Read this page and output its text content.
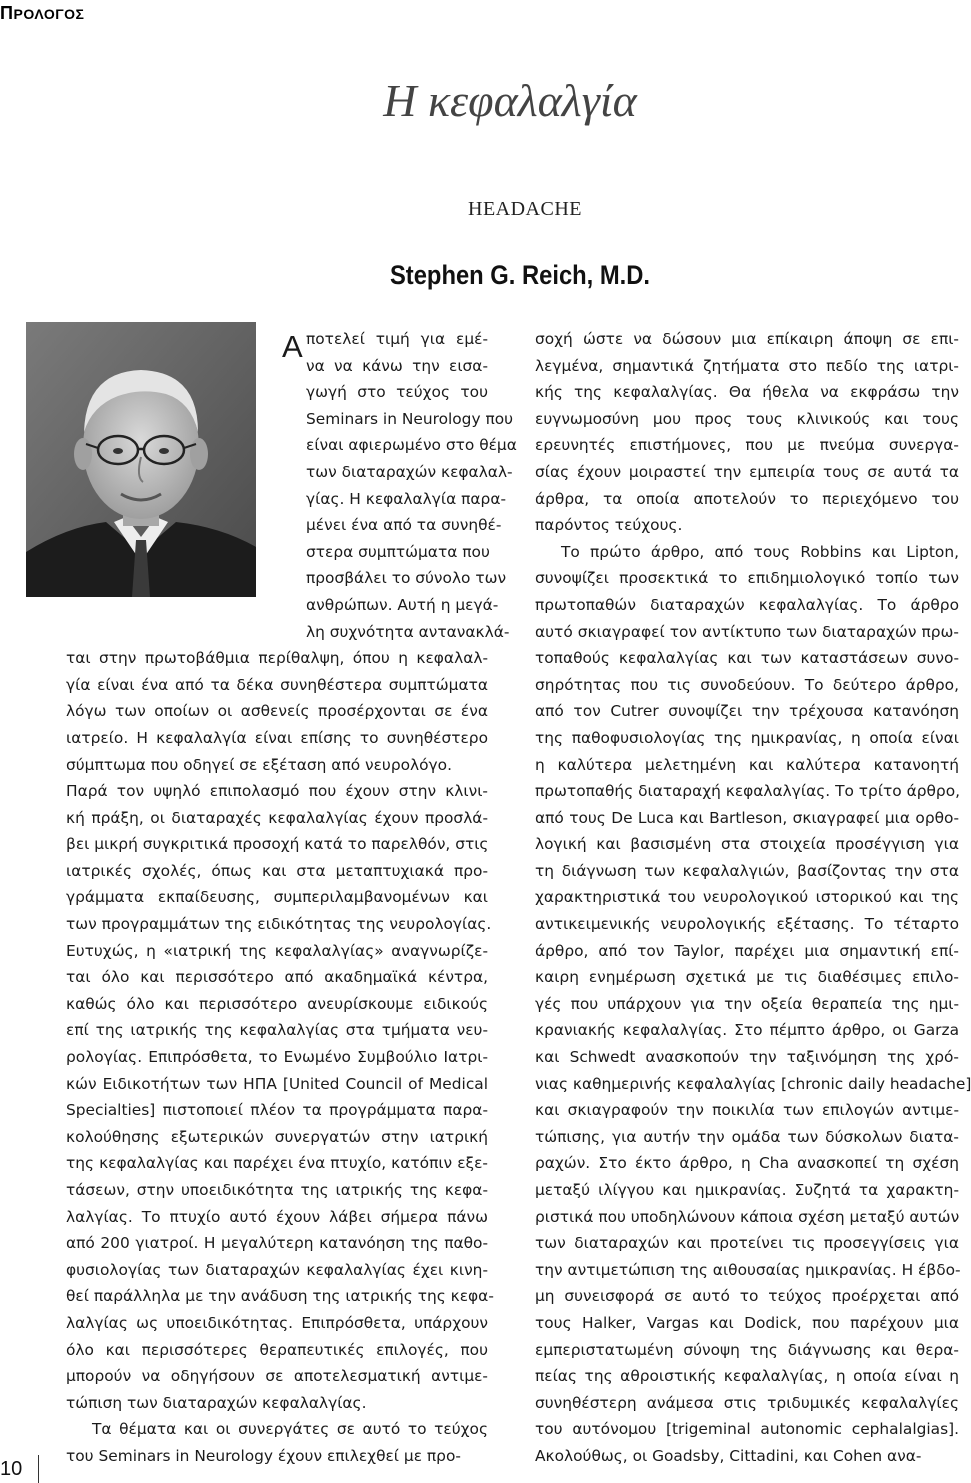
ΠΡΟΛΟΓΟΣ
Η κεφαλαλγία
HEADACHE
Stephen G. Reich, M.D.
Α ποτελεί τιμή για εμέ-
να να κάνω την εισα-
γωγή στο τεύχος του
Seminars in Neurology που
είναι αφιερωμένο στο θέμα
των διαταραχών κεφαλαλ-
γίας. Η κεφαλαλγία παρα-
μένει ένα από τα συνηθέ-
στερα συμπτώματα που
προσβάλει το σύνολο των
ανθρώπων. Αυτή η μεγά-
λη συχνότητα αντανακλά-
ται στην πρωτοβάθμια περίθαλψη, όπου η κεφαλαλ-
γία είναι ένα από τα δέκα συνηθέστερα συμπτώματα
λόγω των οποίων οι ασθενείς προσέρχονται σε ένα
ιατρείο. Η κεφαλαλγία είναι επίσης το συνηθέστερο
σύμπτωμα που οδηγεί σε εξέταση από νευρολόγο.
Παρά τον υψηλό επιπολασμό που έχουν στην κλινι-
κή πράξη, οι διαταραχές κεφαλαλγίας έχουν προσλά-
βει μικρή συγκριτικά προσοχή κατά το παρελθόν, στις
ιατρικές σχολές, όπως και στα μεταπτυχιακά προ-
γράμματα εκπαίδευσης, συμπεριλαμβανομένων και
των προγραμμάτων της ειδικότητας της νευρολογίας.
Ευτυχώς, η «ιατρική της κεφαλαλγίας» αναγνωρίζε-
ται όλο και περισσότερο από ακαδημαϊκά κέντρα,
καθώς όλο και περισσότερο ανευρίσκουμε ειδικούς
επί της ιατρικής της κεφαλαλγίας στα τμήματα νευ-
ρολογίας. Επιπρόσθετα, το Ενωμένο Συμβούλιο Ιατρι-
κών Ειδικοτήτων των ΗΠΑ [United Council of Medical
Specialties] πιστοποιεί πλέον τα προγράμματα παρα-
κολούθησης εξωτερικών συνεργατών στην ιατρική
της κεφαλαλγίας και παρέχει ένα πτυχίο, κατόπιν εξε-
τάσεων, στην υποειδικότητα της ιατρικής της κεφα-
λαλγίας. Το πτυχίο αυτό έχουν λάβει σήμερα πάνω
από 200 γιατροί. Η μεγαλύτερη κατανόηση της παθο-
φυσιολογίας των διαταραχών κεφαλαλγίας έχει κινη-
θεί παράλληλα με την ανάδυση της ιατρικής της κεφα-
λαλγίας ως υποειδικότητας. Επιπρόσθετα, υπάρχουν
όλο και περισσότερες θεραπευτικές επιλογές, που
μπορούν να οδηγήσουν σε αποτελεσματική αντιμε-
τώπιση των διαταραχών κεφαλαλγίας.
Τα θέματα και οι συνεργάτες σε αυτό το τεύχος
του Seminars in Neurology έχουν επιλεχθεί με προ-
σοχή ώστε να δώσουν μια επίκαιρη άποψη σε επι-
λεγμένα, σημαντικά ζητήματα στο πεδίο της ιατρι-
κής της κεφαλαλγίας. Θα ήθελα να εκφράσω την
ευγνωμοσύνη μου προς τους κλινικούς και τους
ερευνητές επιστήμονες, που με πνεύμα συνεργα-
σίας έχουν μοιραστεί την εμπειρία τους σε αυτά τα
άρθρα, τα οποία αποτελούν το περιεχόμενο του
παρόντος τεύχους.
Το πρώτο άρθρο, από τους Robbins και Lipton,
συνοψίζει προσεκτικά το επιδημιολογικό τοπίο των
πρωτοπαθών διαταραχών κεφαλαλγίας. Το άρθρο
αυτό σκιαγραφεί τον αντίκτυπο των διαταραχών πρω-
τοπαθούς κεφαλαλγίας και των καταστάσεων συνο-
σηρότητας που τις συνοδεύουν. Το δεύτερο άρθρο,
από τον Cutrer συνοψίζει την τρέχουσα κατανόηση
της παθοφυσιολογίας της ημικρανίας, η οποία είναι
η καλύτερα μελετημένη και καλύτερα κατανοητή
πρωτοπαθής διαταραχή κεφαλαλγίας. Το τρίτο άρθρο,
από τους De Luca και Bartleson, σκιαγραφεί μια ορθο-
λογική και βασισμένη στα στοιχεία προσέγγιση για
τη διάγνωση των κεφαλαλγιών, βασίζοντας την στα
χαρακτηριστικά του νευρολογικού ιστορικού και της
αντικειμενικής νευρολογικής εξέτασης. Το τέταρτο
άρθρο, από τον Taylor, παρέχει μια σημαντική επί-
καιρη ενημέρωση σχετικά με τις διαθέσιμες επιλο-
γές που υπάρχουν για την οξεία θεραπεία της ημι-
κρανιακής κεφαλαλγίας. Στο πέμπτο άρθρο, οι Garza
και Schwedt ανασκοπούν την ταξινόμηση της χρό-
νιας καθημερινής κεφαλαλγίας [chronic daily headache]
και σκιαγραφούν την ποικιλία των επιλογών αντιμε-
τώπισης, για αυτήν την ομάδα των δύσκολων διατα-
ραχών. Στο έκτο άρθρο, η Cha ανασκοπεί τη σχέση
μεταξύ ιλίγγου και ημικρανίας. Συζητά τα χαρακτη-
ριστικά που υποδηλώνουν κάποια σχέση μεταξύ αυτών
των διαταραχών και προτείνει τις προσεγγίσεις για
την αντιμετώπιση της αιθουσαίας ημικρανίας. Η έβδο-
μη συνεισφορά σε αυτό το τεύχος προέρχεται από
τους Halker, Vargas και Dodick, που παρέχουν μια
εμπεριστατωμένη σύνοψη της διάγνωσης και θερα-
πείας της αθροιστικής κεφαλαλγίας, η οποία είναι η
συνηθέστερη ανάμεσα στις τριδυμικές κεφαλαλγίες
του αυτόνομου [trigeminal autonomic cephalalgias].
Ακολούθως, οι Goadsby, Cittadini, και Cohen ανα-
10
